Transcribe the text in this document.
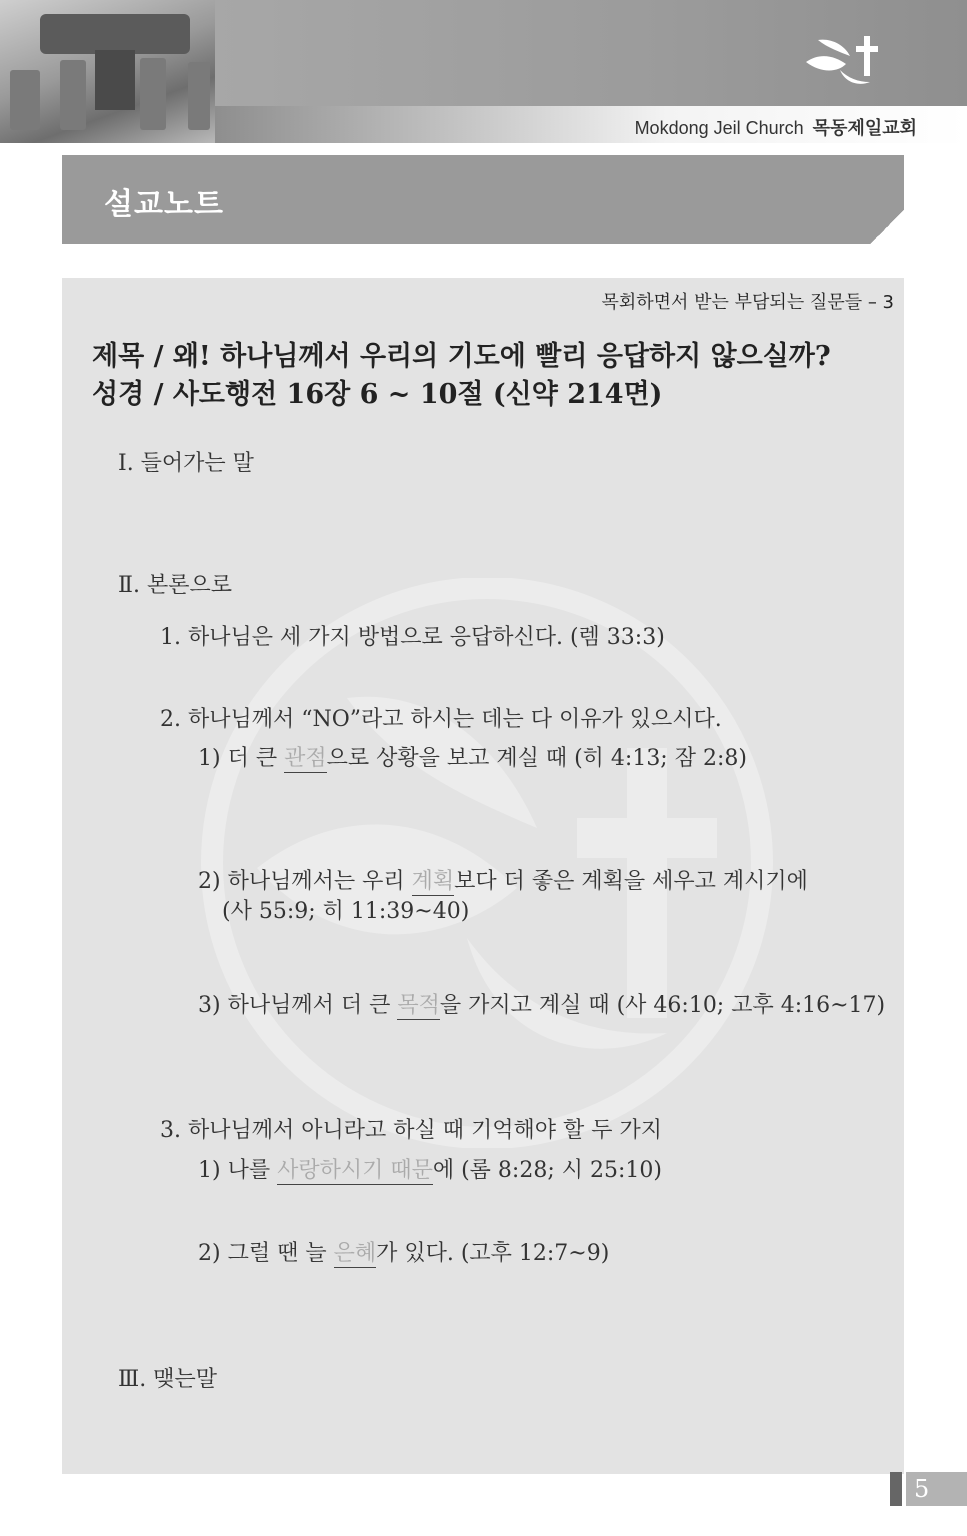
Mokdong Jeil Church 목동제일교회
설교노트
목회하면서 받는 부담되는 질문들 – 3
제목 / 왜! 하나님께서 우리의 기도에 빨리 응답하지 않으실까?
성경 / 사도행전 16장 6 ~ 10절 (신약 214면)
Ⅰ. 들어가는 말
Ⅱ. 본론으로
1. 하나님은 세 가지 방법으로 응답하신다. (렘 33:3)
2. 하나님께서 “NO”라고 하시는 데는 다 이유가 있으시다.
1) 더 큰 관점으로 상황을 보고 계실 때 (히 4:13; 잠 2:8)
2) 하나님께서는 우리 계획보다 더 좋은 계획을 세우고 계시기에
(사 55:9; 히 11:39~40)
3) 하나님께서 더 큰 목적을 가지고 계실 때 (사 46:10; 고후 4:16~17)
3. 하나님께서 아니라고 하실 때 기억해야 할 두 가지
1) 나를 사랑하시기 때문에 (롬 8:28; 시 25:10)
2) 그럴 땐 늘 은혜가 있다. (고후 12:7~9)
Ⅲ. 맺는말
5
